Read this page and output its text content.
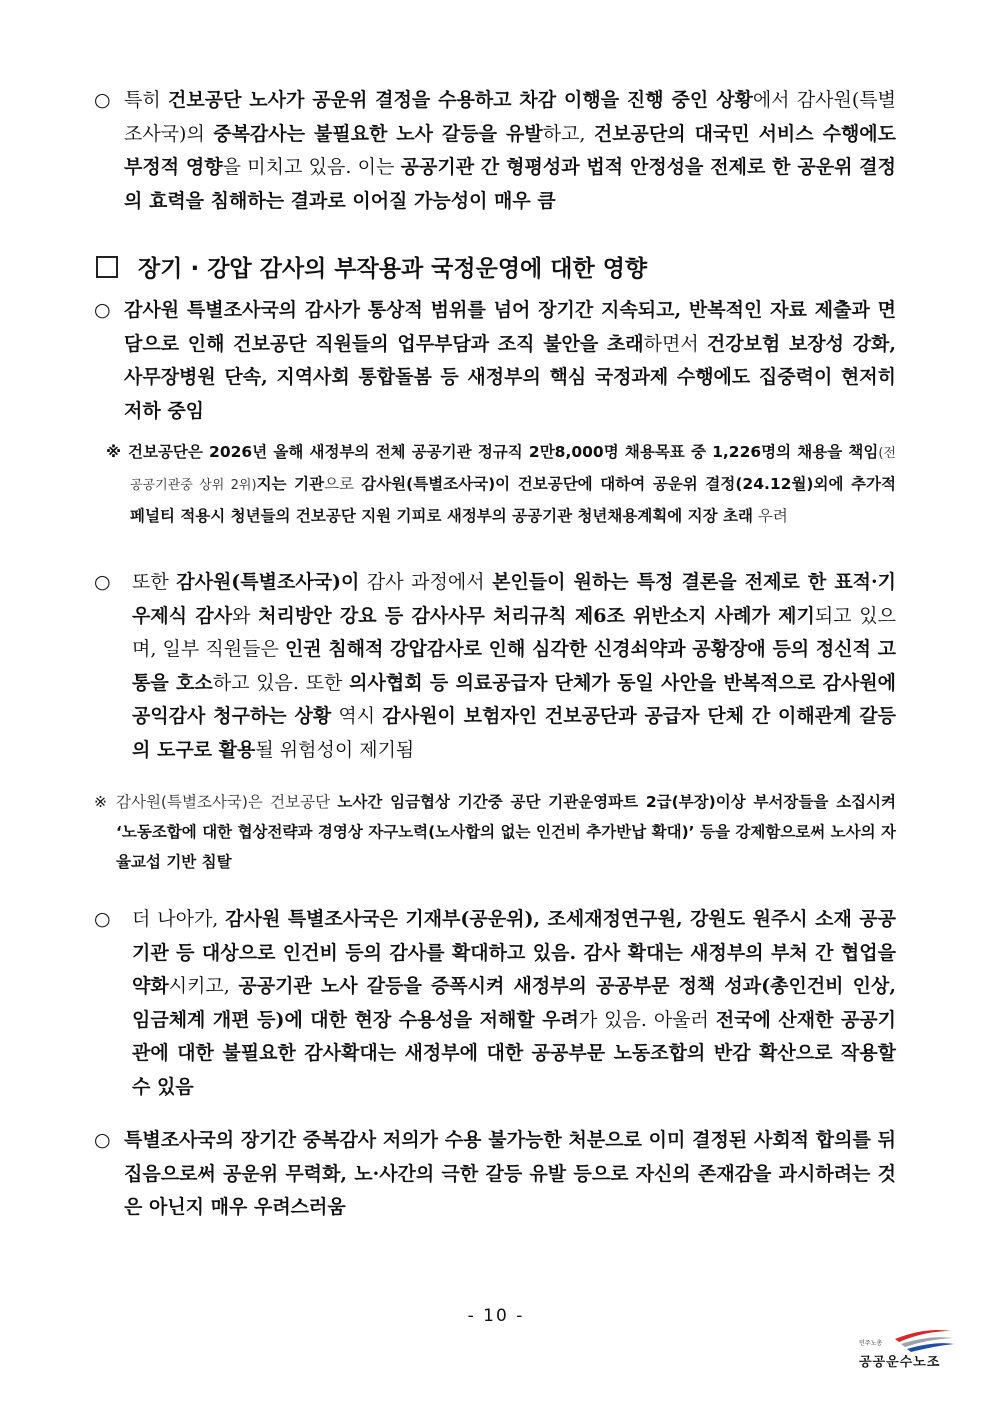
○ 특히 건보공단 노사가 공운위 결정을 수용하고 차감 이행을 진행 중인 상황에서 감사원(특별조사국)의 중복감사는 불필요한 노사 갈등을 유발하고, 건보공단의 대국민 서비스 수행에도 부정적 영향을 미치고 있음. 이는 공공기관 간 형평성과 법적 안정성을 전제로 한 공운위 결정의 효력을 침해하는 결과로 이어질 가능성이 매우 큼
장기 · 강압 감사의 부작용과 국정운영에 대한 영향
○ 감사원 특별조사국의 감사가 통상적 범위를 넘어 장기간 지속되고, 반복적인 자료 제출과 면담으로 인해 건보공단 직원들의 업무부담과 조직 불안을 초래하면서 건강보험 보장성 강화, 사무장병원 단속, 지역사회 통합돌봄 등 새정부의 핵심 국정과제 수행에도 집중력이 현저히 저하 중임
※ 건보공단은 2026년 올해 새정부의 전체 공공기관 정규직 2만8,000명 채용목표 중 1,226명의 채용을 책임(전공공기관중 상위 2위)지는 기관으로 감사원(특별조사국)이 건보공단에 대하여 공운위 결정(24.12월)외에 추가적 페널티 적용시 청년들의 건보공단 지원 기피로 새정부의 공공기관 청년채용계획에 지장 초래 우려
○ 또한 감사원(특별조사국)이 감사 과정에서 본인들이 원하는 특정 결론을 전제로 한 표적·기우제식 감사와 처리방안 강요 등 감사사무 처리규칙 제6조 위반소지 사례가 제기되고 있으며, 일부 직원들은 인권 침해적 강압감사로 인해 심각한 신경쇠약과 공황장애 등의 정신적 고통을 호소하고 있음. 또한 의사협회 등 의료공급자 단체가 동일 사안을 반복적으로 감사원에 공익감사 청구하는 상황 역시 감사원이 보험자인 건보공단과 공급자 단체 간 이해관계 갈등의 도구로 활용될 위험성이 제기됨
※ 감사원(특별조사국)은 건보공단 노사간 임금협상 기간중 공단 기관운영파트 2급(부장)이상 부서장들을 소집시켜 ‘노동조합에 대한 협상전략과 경영상 자구노력(노사합의 없는 인건비 추가반납 확대)’ 등을 강제함으로써 노사의 자율교섭 기반 침탈
○ 더 나아가, 감사원 특별조사국은 기재부(공운위), 조세재정연구원, 강원도 원주시 소재 공공기관 등 대상으로 인건비 등의 감사를 확대하고 있음. 감사 확대는 새정부의 부처 간 협업을 약화시키고, 공공기관 노사 갈등을 증폭시켜 새정부의 공공부문 정책 성과(총인건비 인상, 임금체계 개편 등)에 대한 현장 수용성을 저해할 우려가 있음. 아울러 전국에 산재한 공공기관에 대한 불필요한 감사확대는 새정부에 대한 공공부문 노동조합의 반감 확산으로 작용할 수 있음
○ 특별조사국의 장기간 중복감사 저의가 수용 불가능한 처분으로 이미 결정된 사회적 합의를 뒤집음으로써 공운위 무력화, 노·사간의 극한 갈등 유발 등으로 자신의 존재감을 과시하려는 것은 아닌지 매우 우려스러움
- 10 -
민주노총
공공운수노조
